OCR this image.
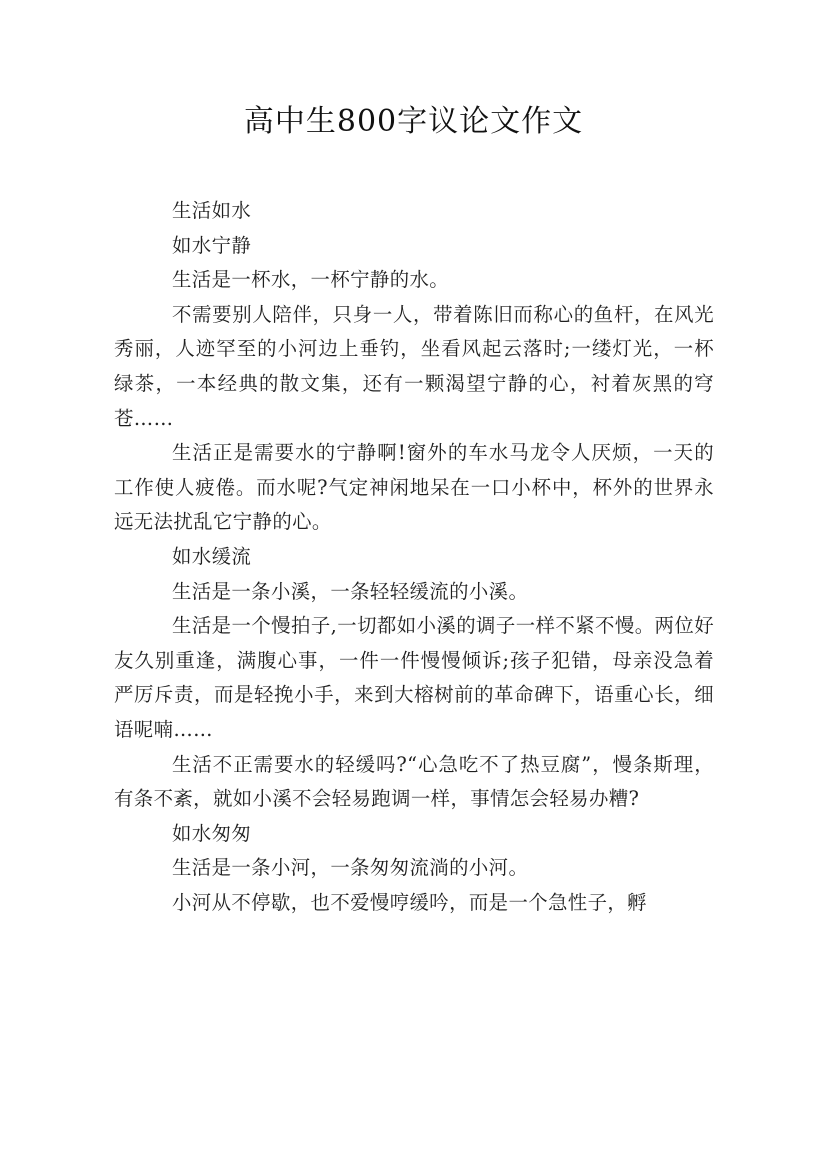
高中生800字议论文作文

生活如水

如水宁静

生活是一杯水，一杯宁静的水。

不需要别人陪伴，只身一人，带着陈旧而称心的鱼杆，在风光秀丽，人迹罕至的小河边上垂钓，坐看风起云落时;一缕灯光，一杯绿茶，一本经典的散文集，还有一颗渴望宁静的心，衬着灰黑的穹苍……

生活正是需要水的宁静啊!窗外的车水马龙令人厌烦，一天的工作使人疲倦。而水呢?气定神闲地呆在一口小杯中，杯外的世界永远无法扰乱它宁静的心。

如水缓流

生活是一条小溪，一条轻轻缓流的小溪。

生活是一个慢拍子,一切都如小溪的调子一样不紧不慢。两位好友久别重逢，满腹心事，一件一件慢慢倾诉;孩子犯错，母亲没急着严厉斥责，而是轻挽小手，来到大榕树前的革命碑下，语重心长，细语呢喃……

生活不正需要水的轻缓吗?“心急吃不了热豆腐”，慢条斯理，有条不紊，就如小溪不会轻易跑调一样，事情怎会轻易办糟?

如水匆匆

生活是一条小河，一条匆匆流淌的小河。

小河从不停歇，也不爱慢哼缓吟，而是一个急性子，孵
